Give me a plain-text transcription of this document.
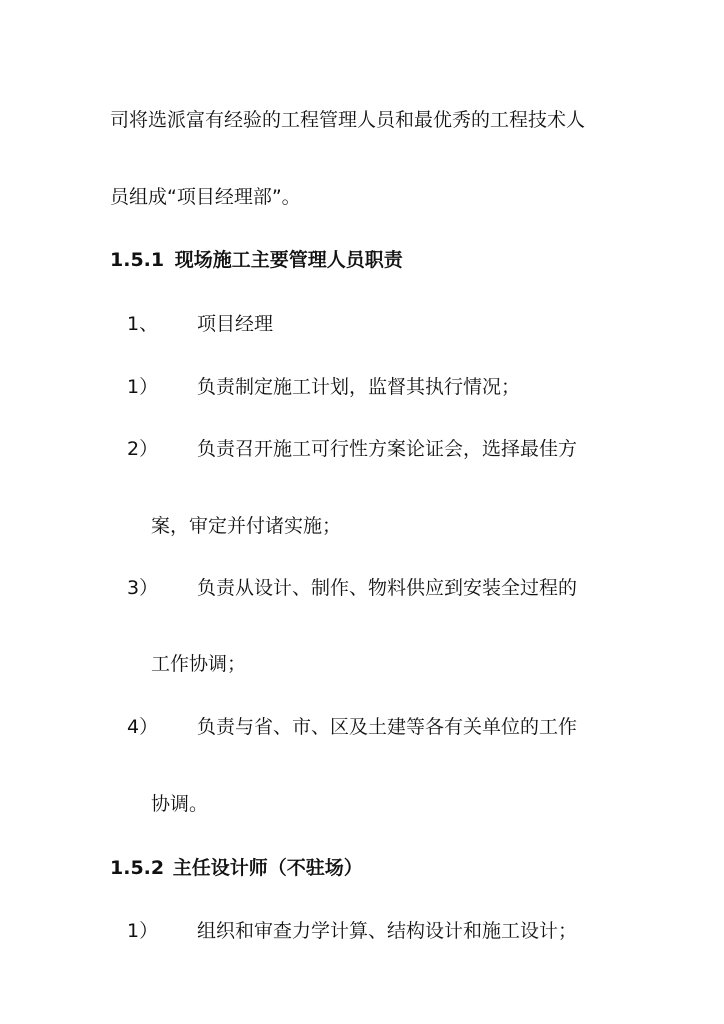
司将选派富有经验的工程管理人员和最优秀的工程技术人
员组成“项目经理部”。
1.5.1 现场施工主要管理人员职责
1、 项目经理
1） 负责制定施工计划，监督其执行情况；
2） 负责召开施工可行性方案论证会，选择最佳方
案，审定并付诸实施；
3） 负责从设计、制作、物料供应到安装全过程的
工作协调；
4） 负责与省、市、区及土建等各有关单位的工作
协调。
1.5.2 主任设计师（不驻场）
1） 组织和审查力学计算、结构设计和施工设计；
